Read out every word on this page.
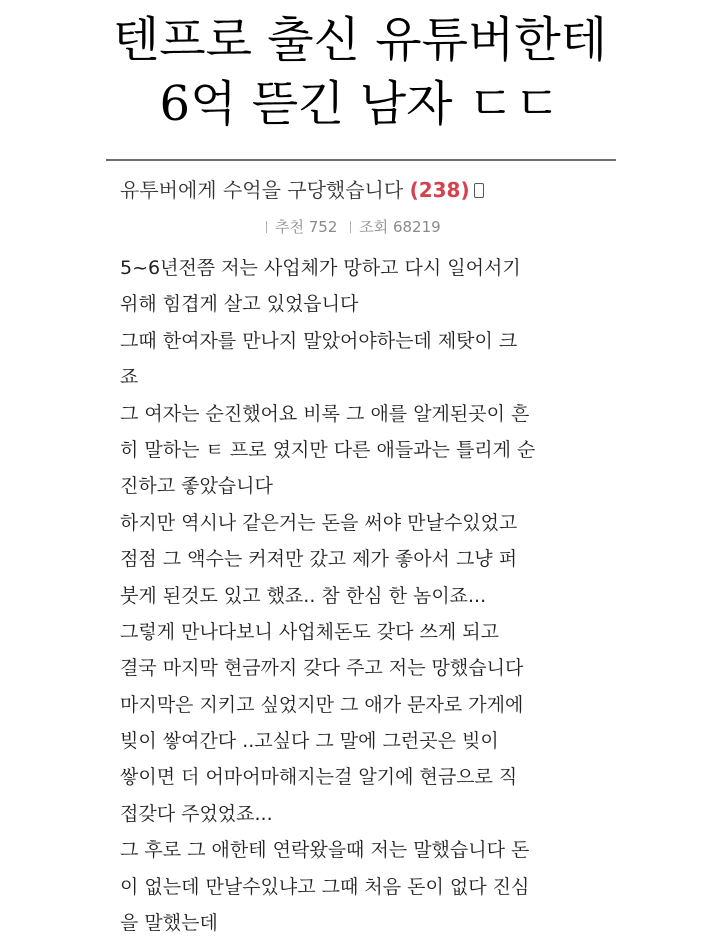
텐프로 출신 유튜버한테
6억 뜯긴 남자 ㄷㄷ
유투버에게 수억을 구당했습니다 (238)
추천 752 조회 68219
5~6년전쯤 저는 사업체가 망하고 다시 일어서기
위해 힘겹게 살고 있었읍니다
그때 한여자를 만나지 말았어야하는데 제탓이 크
죠
그 여자는 순진했어요 비록 그 애를 알게된곳이 흔
히 말하는 ㅌ 프로 였지만 다른 애들과는 틀리게 순
진하고 좋았습니다
하지만 역시나 같은거는 돈을 써야 만날수있었고
점점 그 액수는 커져만 갔고 제가 좋아서 그냥 퍼
붓게 된것도 있고 했죠.. 참 한심 한 놈이죠...
그렇게 만나다보니 사업체돈도 갖다 쓰게 되고
결국 마지막 현금까지 갖다 주고 저는 망했습니다
마지막은 지키고 싶었지만 그 애가 문자로 가게에
빚이 쌓여간다 ..고싶다 그 말에 그런곳은 빚이
쌓이면 더 어마어마해지는걸 알기에 현금으로 직
접갖다 주었었죠...
그 후로 그 애한테 연락왔을때 저는 말했습니다 돈
이 없는데 만날수있냐고 그때 처음 돈이 없다 진심
을 말했는데
